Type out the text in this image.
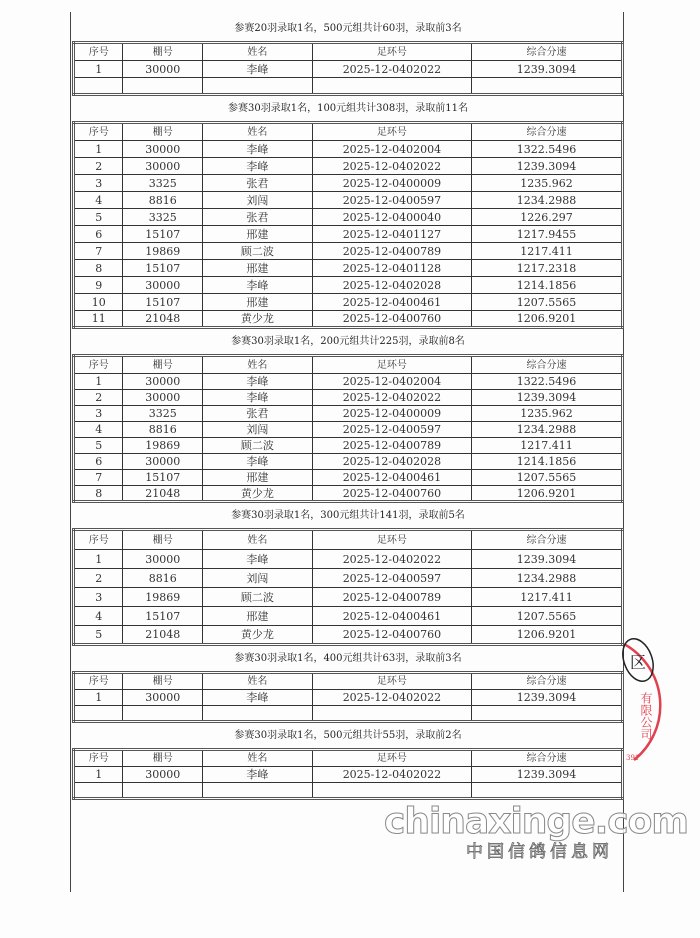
参赛20羽录取1名，500元组共计60羽，录取前3名
序号	棚号	姓名	足环号	综合分速
1	30000	李峰	2025-12-0402022	1239.3094

参赛30羽录取1名，100元组共计308羽，录取前11名
序号	棚号	姓名	足环号	综合分速
1	30000	李峰	2025-12-0402004	1322.5496
2	30000	李峰	2025-12-0402022	1239.3094
3	3325	张君	2025-12-0400009	1235.962
4	8816	刘闯	2025-12-0400597	1234.2988
5	3325	张君	2025-12-0400040	1226.297
6	15107	邢建	2025-12-0401127	1217.9455
7	19869	顾二波	2025-12-0400789	1217.411
8	15107	邢建	2025-12-0401128	1217.2318
9	30000	李峰	2025-12-0402028	1214.1856
10	15107	邢建	2025-12-0400461	1207.5565
11	21048	黄少龙	2025-12-0400760	1206.9201
参赛30羽录取1名，200元组共计225羽，录取前8名
序号	棚号	姓名	足环号	综合分速
1	30000	李峰	2025-12-0402004	1322.5496
2	30000	李峰	2025-12-0402022	1239.3094
3	3325	张君	2025-12-0400009	1235.962
4	8816	刘闯	2025-12-0400597	1234.2988
5	19869	顾二波	2025-12-0400789	1217.411
6	30000	李峰	2025-12-0402028	1214.1856
7	15107	邢建	2025-12-0400461	1207.5565
8	21048	黄少龙	2025-12-0400760	1206.9201
参赛30羽录取1名，300元组共计141羽，录取前5名
序号	棚号	姓名	足环号	综合分速
1	30000	李峰	2025-12-0402022	1239.3094
2	8816	刘闯	2025-12-0400597	1234.2988
3	19869	顾二波	2025-12-0400789	1217.411
4	15107	邢建	2025-12-0400461	1207.5565
5	21048	黄少龙	2025-12-0400760	1206.9201
参赛30羽录取1名，400元组共计63羽，录取前3名
序号	棚号	姓名	足环号	综合分速
1	30000	李峰	2025-12-0402022	1239.3094

参赛30羽录取1名，500元组共计55羽，录取前2名
序号	棚号	姓名	足环号	综合分速
1	30000	李峰	2025-12-0402022	1239.3094

区
有限公司
391
chinaxinge.com
中国信鸽信息网
